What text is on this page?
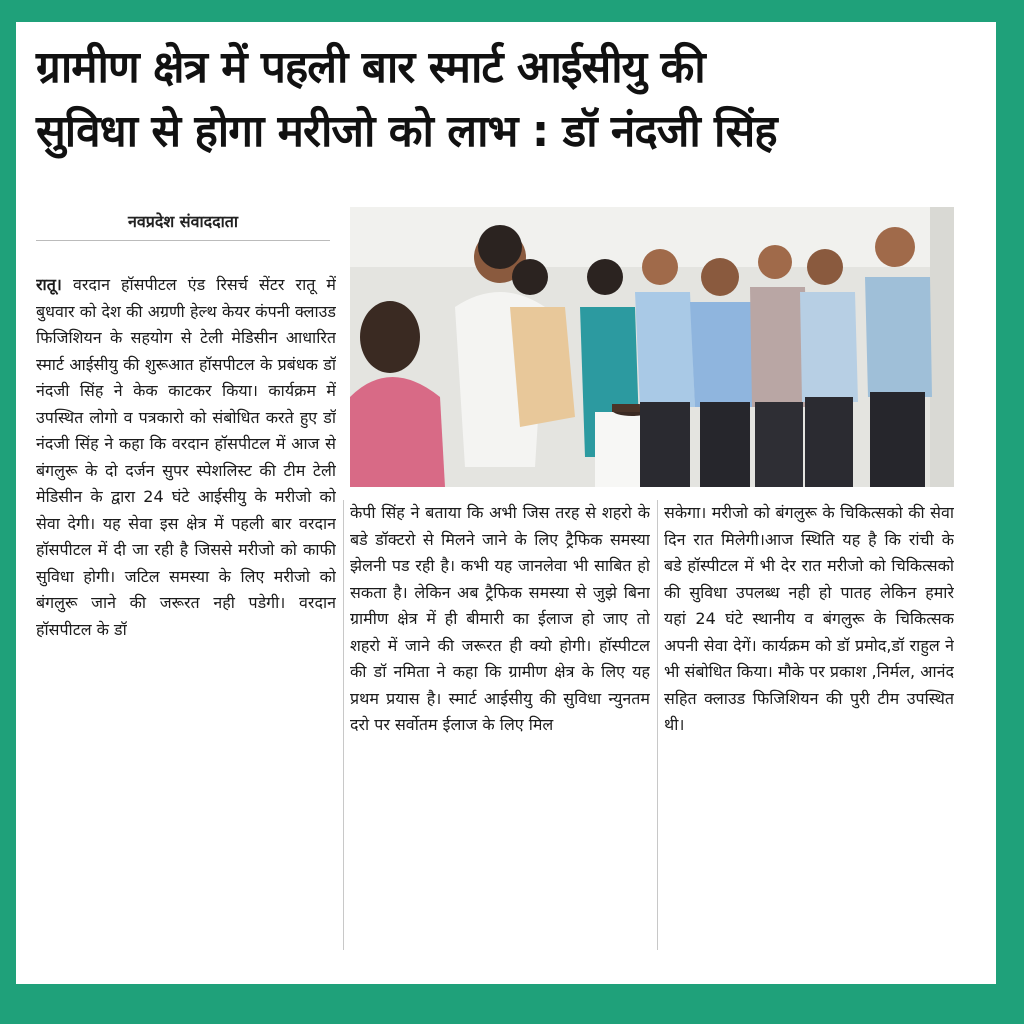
ग्रामीण क्षेत्र में पहली बार स्मार्ट आईसीयु की
सुविधा से होगा मरीजो को लाभ : डॉ नंदजी सिंह
नवप्रदेश संवाददाता
रातू। वरदान हॉसपीटल एंड रिसर्च सेंटर रातू में बुधवार को देश की अग्रणी हेल्थ केयर कंपनी क्लाउड फिजिशियन के सहयोग से टेली मेडिसीन आधारित स्मार्ट आईसीयु की शुरूआत हॉसपीटल के प्रबंधक डॉ नंदजी सिंह ने केक काटकर किया। कार्यक्रम में उपस्थित लोगो व पत्रकारो को संबोधित करते हुए डॉ नंदजी सिंह ने कहा कि वरदान हॉसपीटल में आज से बंगलुरू के दो दर्जन सुपर स्पेशलिस्ट की टीम टेली मेडिसीन के द्वारा 24 घंटे आईसीयु के मरीजो को सेवा देगी। यह सेवा इस क्षेत्र में पहली बार वरदान हॉसपीटल में दी जा रही है जिससे मरीजो को काफी सुविधा होगी। जटिल समस्या के लिए मरीजो को बंगलुरू जाने की जरूरत नही पडेगी। वरदान हॉसपीटल के डॉ
केपी सिंह ने बताया कि अभी जिस तरह से शहरो के बडे डॉक्टरो से मिलने जाने के लिए ट्रैफिक समस्या झेलनी पड रही है। कभी यह जानलेवा भी साबित हो सकता है। लेकिन अब ट्रैफिक समस्या से जुझे बिना ग्रामीण क्षेत्र में ही बीमारी का ईलाज हो जाए तो शहरो में जाने की जरूरत ही क्यो होगी। हॉस्पीटल की डॉ नमिता ने कहा कि ग्रामीण क्षेत्र के लिए यह प्रथम प्रयास है। स्मार्ट आईसीयु की सुविधा न्युनतम दरो पर सर्वोतम ईलाज के लिए मिल
सकेगा। मरीजो को बंगलुरू के चिकित्सको की सेवा दिन रात मिलेगी।आज स्थिति यह है कि रांची के बडे हॉस्पीटल में भी देर रात मरीजो को चिकित्सको की सुविधा उपलब्ध नही हो पातह लेकिन हमारे यहां 24 घंटे स्थानीय व बंगलुरू के चिकित्सक अपनी सेवा देगें। कार्यक्रम को डॉ प्रमोद,डॉ राहुल ने भी संबोधित किया। मौके पर प्रकाश ,निर्मल, आनंद सहित क्लाउड फिजिशियन की पुरी टीम उपस्थित थी।
